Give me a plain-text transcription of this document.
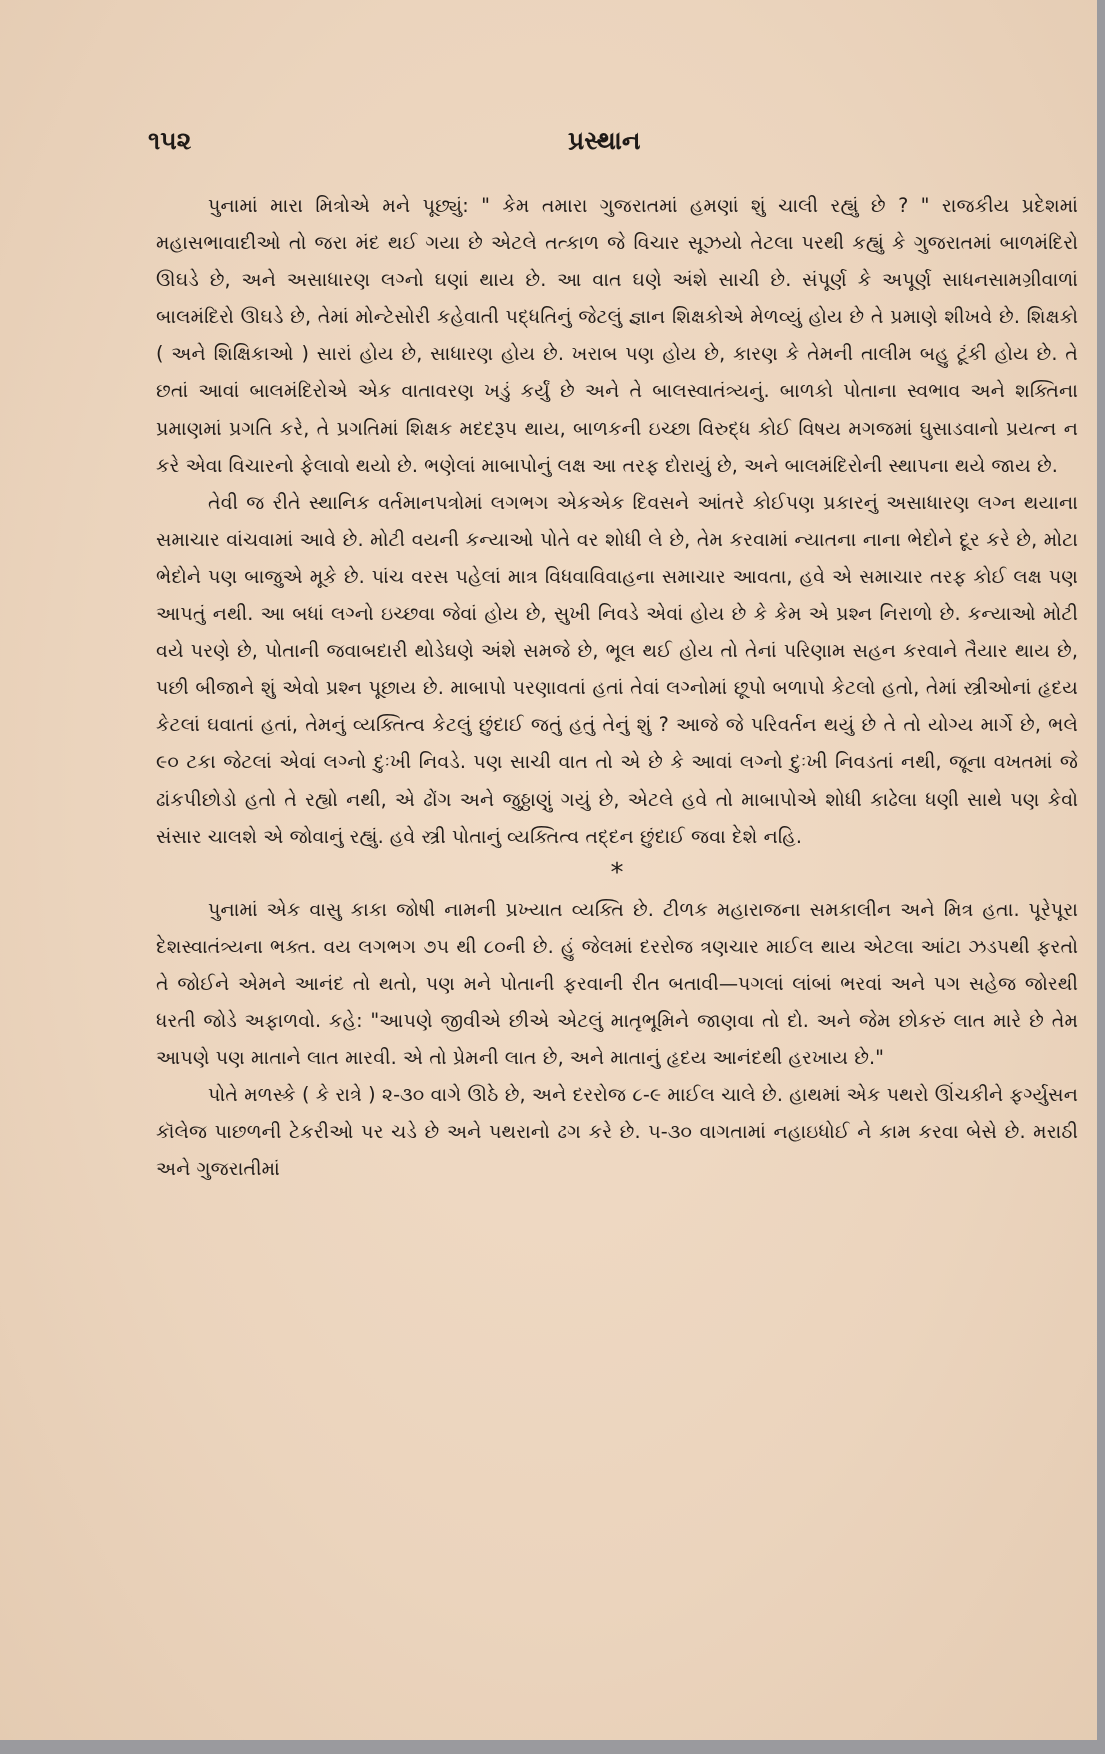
૧૫૨	પ્રસ્થાન

પુનામાં મારા મિત્રોએ મને પૂછ્યું: " કેમ તમારા ગુજરાતમાં હમણાં શું ચાલી રહ્યું છે ? " રાજકીય પ્રદેશમાં મહાસભાવાદીઓ તો જરા મંદ થઈ ગયા છે એટલે તત્કાળ જે વિચાર સૂઝયો તેટલા પરથી કહ્યું કે ગુજરાતમાં બાળમંદિરો ઊઘડે છે, અને અસાધારણ લગ્નો ઘણાં થાય છે. આ વાત ઘણે અંશે સાચી છે. સંપૂર્ણ કે અપૂર્ણ સાધનસામગ્રીવાળાં બાલમંદિરો ઊઘડે છે, તેમાં મોન્ટેસોરી કહેવાતી પદ્ધતિનું જેટલું જ્ઞાન શિક્ષકોએ મેળવ્યું હોય છે તે પ્રમાણે શીખવે છે. શિક્ષકો ( અને શિક્ષિકાઓ ) સારાં હોય છે, સાધારણ હોય છે. ખરાબ પણ હોય છે, કારણ કે તેમની તાલીમ બહુ ટૂંકી હોય છે. તે છતાં આવાં બાલમંદિરોએ એક વાતાવરણ ખડું કર્યું છે અને તે બાલસ્વાતંત્ર્યનું. બાળકો પોતાના સ્વભાવ અને શક્તિના પ્રમાણમાં પ્રગતિ કરે, તે પ્રગતિમાં શિક્ષક મદદરૂપ થાય, બાળકની ઇચ્છા વિરુદ્ધ કોઈ વિષય મગજમાં ઘુસાડવાનો પ્રયત્ન ન કરે એવા વિચારનો ફેલાવો થયો છે. ભણેલાં માબાપોનું લક્ષ આ તરફ દોરાયું છે, અને બાલમંદિરોની સ્થાપના થયે જાય છે.

તેવી જ રીતે સ્થાનિક વર્તમાનપત્રોમાં લગભગ એકએક દિવસને આંતરે કોઈપણ પ્રકારનું અસાધારણ લગ્ન થયાના સમાચાર વાંચવામાં આવે છે. મોટી વયની કન્યાઓ પોતે વર શોધી લે છે, તેમ કરવામાં ન્યાતના નાના ભેદોને દૂર કરે છે, મોટા ભેદોને પણ બાજુએ મૂકે છે. પાંચ વરસ પહેલાં માત્ર વિધવાવિવાહના સમાચાર આવતા, હવે એ સમાચાર તરફ કોઈ લક્ષ પણ આપતું નથી. આ બધાં લગ્નો ઇચ્છવા જેવાં હોય છે, સુખી નિવડે એવાં હોય છે કે કેમ એ પ્રશ્ન નિરાળો છે. કન્યાઓ મોટી વયે પરણે છે, પોતાની જવાબદારી થોડેઘણે અંશે સમજે છે, ભૂલ થઈ હોય તો તેનાં પરિણામ સહન કરવાને તૈયાર થાય છે, પછી બીજાને શું એવો પ્રશ્ન પૂછાય છે. માબાપો પરણાવતાં હતાં તેવાં લગ્નોમાં છૂપો બળાપો કેટલો હતો, તેમાં સ્ત્રીઓનાં હૃદય કેટલાં ઘવાતાં હતાં, તેમનું વ્યક્તિત્વ કેટલું છુંદાઈ જતું હતું તેનું શું ? આજે જે પરિવર્તન થયું છે તે તો યોગ્ય માર્ગે છે, ભલે ૯૦ ટકા જેટલાં એવાં લગ્નો દુઃખી નિવડે. પણ સાચી વાત તો એ છે કે આવાં લગ્નો દુઃખી નિવડતાં નથી, જૂના વખતમાં જે ઢાંકપીછોડો હતો તે રહ્યો નથી, એ ઢોંગ અને જુઠ્ઠાણું ગયું છે, એટલે હવે તો માબાપોએ શોધી કાઢેલા ધણી સાથે પણ કેવો સંસાર ચાલશે એ જોવાનું રહ્યું. હવે સ્ત્રી પોતાનું વ્યક્તિત્વ તદ્દન છુંદાઈ જવા દેશે નહિ.

*

પુનામાં એક વાસુ કાકા જોષી નામની પ્રખ્યાત વ્યક્તિ છે. ટીળક મહારાજના સમકાલીન અને મિત્ર હતા. પૂરેપૂરા દેશસ્વાતંત્ર્યના ભક્ત. વય લગભગ ૭૫ થી ૮૦ની છે. હું જેલમાં દરરોજ ત્રણચાર માઈલ થાય એટલા આંટા ઝડપથી ફરતો તે જોઈને એમને આનંદ તો થતો, પણ મને પોતાની ફરવાની રીત બતાવી—પગલાં લાંબાં ભરવાં અને પગ સહેજ જોરથી ધરતી જોડે અફાળવો. કહે: "આપણે જીવીએ છીએ એટલું માતૃભૂમિને જાણવા તો દો. અને જેમ છોકરું લાત મારે છે તેમ આપણે પણ માતાને લાત મારવી. એ તો પ્રેમની લાત છે, અને માતાનું હૃદય આનંદથી હરખાય છે."

પોતે મળસ્કે ( કે રાત્રે ) ૨-૩૦ વાગે ઊઠે છે, અને દરરોજ ૮-૯ માઈલ ચાલે છે. હાથમાં એક પથરો ઊંચકીને ફર્ગ્યુસન કૉલેજ પાછળની ટેકરીઓ પર ચડે છે અને પથરાનો ઢગ કરે છે. ૫-૩૦ વાગતામાં નહાઇધોઈ ને કામ કરવા બેસે છે. મરાઠી અને ગુજરાતીમાં
